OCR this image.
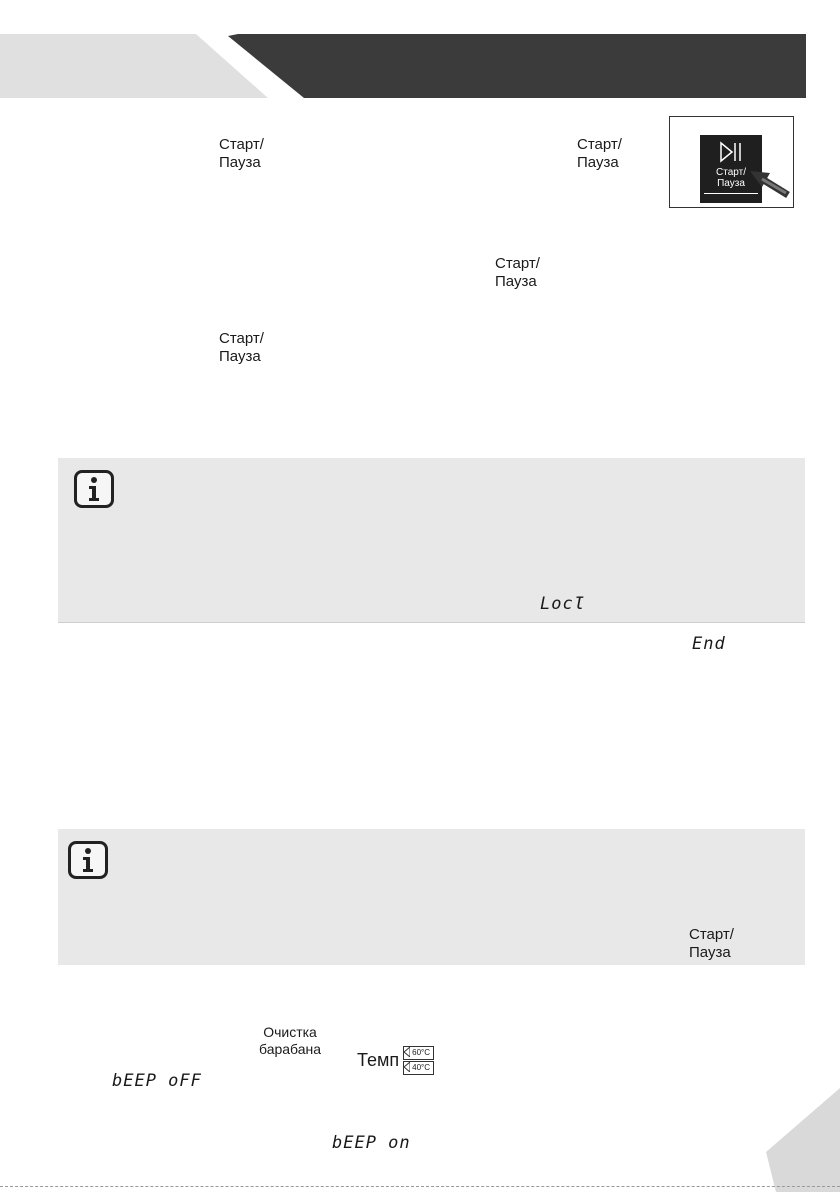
Старт/
Пауза
Старт/
Пауза
Старт/
Пауза
Старт/
Пауза
Старт/
Пауза
LocƖ
End
Старт/
Пауза
Очистка
барабана
Темп	60°C
40°C
bEEP oFF
bEEP on
